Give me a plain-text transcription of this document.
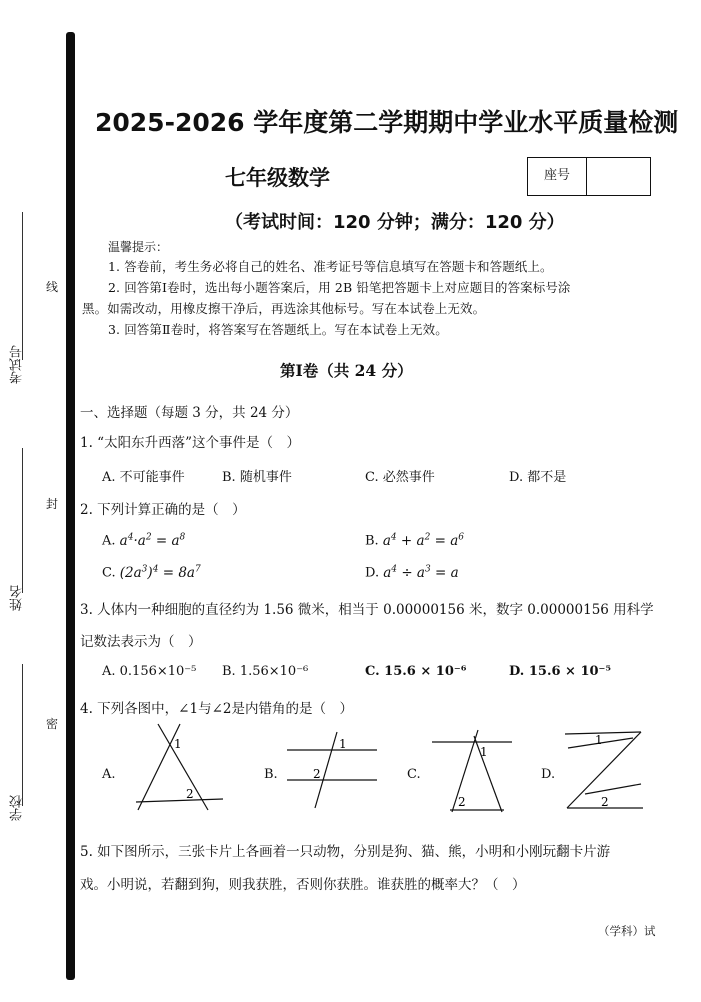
考试号
线
姓名
封
学校
密
2025-2026 学年度第二学期期中学业水平质量检测
七年级数学	座号
（考试时间：120 分钟；满分：120 分）
温馨提示：
1. 答卷前，考生务必将自己的姓名、准考证号等信息填写在答题卡和答题纸上。
2. 回答第Ⅰ卷时，选出每小题答案后，用 2B 铅笔把答题卡上对应题目的答案标号涂
黑。如需改动，用橡皮擦干净后，再选涂其他标号。写在本试卷上无效。
3. 回答第Ⅱ卷时，将答案写在答题纸上。写在本试卷上无效。
第Ⅰ卷（共 24 分）
一、选择题（每题 3 分，共 24 分）
1. “太阳东升西落”这个事件是（　）
A. 不可能事件	B. 随机事件	C. 必然事件	D. 都不是
2. 下列计算正确的是（　）
A. $a^4\cdot a^2 = a^8$	B. $a^4 + a^2 = a^6$
C. $(2a^3)^4 = 8a^7$	D. $a^4 \div a^3 = a$
3. 人体内一种细胞的直径约为 1.56 微米，相当于 0.00000156 米，数字 0.00000156 用科学
记数法表示为（　）
A. 0.156×10⁻⁵ B. 1.56×10⁻⁶	C. 15.6 × 10⁻⁶	D. 15.6 × 10⁻⁵
4. 下列各图中，∠1与∠2是内错角的是（　）
A.
1
2
B.
1
2	C.
1
2
D.
1
2
5. 如下图所示，三张卡片上各画着一只动物，分别是狗、猫、熊，小明和小刚玩翻卡片游
戏。小明说，若翻到狗，则我获胜，否则你获胜。谁获胜的概率大？（　）
（学科）试
